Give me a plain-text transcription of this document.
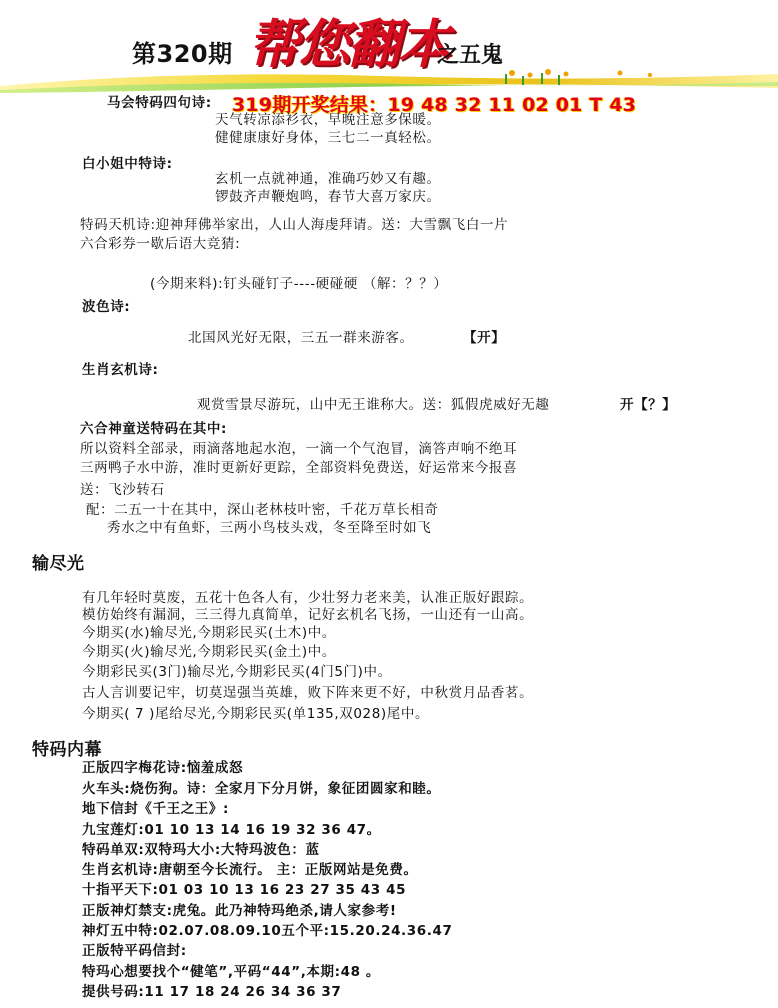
第320期 帮您翻本
之五鬼
319期开奖结果：19 48 32 11 02 01 T 43
马会特码四句诗:
天气转凉添衫衣，早晚注意多保暖。
健健康康好身体，三七二一真轻松。
白小姐中特诗:
玄机一点就神通，准确巧妙又有趣。
锣鼓齐声鞭炮鸣，春节大喜万家庆。
特码天机诗:迎神拜佛举家出，人山人海虔拜请。送：大雪飘飞白一片
六合彩券一歇后语大竞猜:
(今期来料):钉头碰钉子----硬碰硬 （解：？？）
波色诗:
北国风光好无限，三五一群来游客。	【开】
生肖玄机诗:
观赏雪景尽游玩，山中无王谁称大。送：狐假虎威好无趣	开【？】
六合神童送特码在其中:
所以资料全部录，雨滴落地起水泡，一滴一个气泡冒，滴答声响不绝耳
三两鸭子水中游，准时更新好更踪，全部资料免费送，好运常来今报喜
送：飞沙转石
配：二五一十在其中，深山老林枝叶密，千花万草长相奇
秀水之中有鱼虾，三两小鸟枝头戏，冬至降至时如飞
输尽光
有几年轻时莫废，五花十色各人有，少壮努力老来美，认准正版好跟踪。
模仿始终有漏洞，三三得九真简单，记好玄机名飞扬，一山还有一山高。
今期买(水)输尽光,今期彩民买(土木)中。
今期买(火)输尽光,今期彩民买(金土)中。
今期彩民买(3门)输尽光,今期彩民买(4门5门)中。
古人言训要记牢，切莫逞强当英雄，败下阵来更不好，中秋赏月品香茗。
今期买( 7 )尾给尽光,今期彩民买(单135,双028)尾中。
特码内幕
正版四字梅花诗:恼羞成怒
火车头:烧伤狗。诗：全家月下分月饼，象征团圆家和睦。
地下信封《千王之王》:
九宝莲灯:01 10 13 14 16 19 32 36 47。
特码单双:双特玛大小:大特玛波色：蓝
生肖玄机诗:唐朝至今长流行。 主：正版网站是免费。
十指平天下:01 03 10 13 16 23 27 35 43 45
正版神灯禁支:虎兔。此乃神特玛绝杀,请人家参考!
神灯五中特:02.07.08.09.10五个平:15.20.24.36.47
正版特平码信封:
特玛心想要找个“健笔”,平码“44”,本期:48 。
提供号码:11 17 18 24 26 34 36 37
